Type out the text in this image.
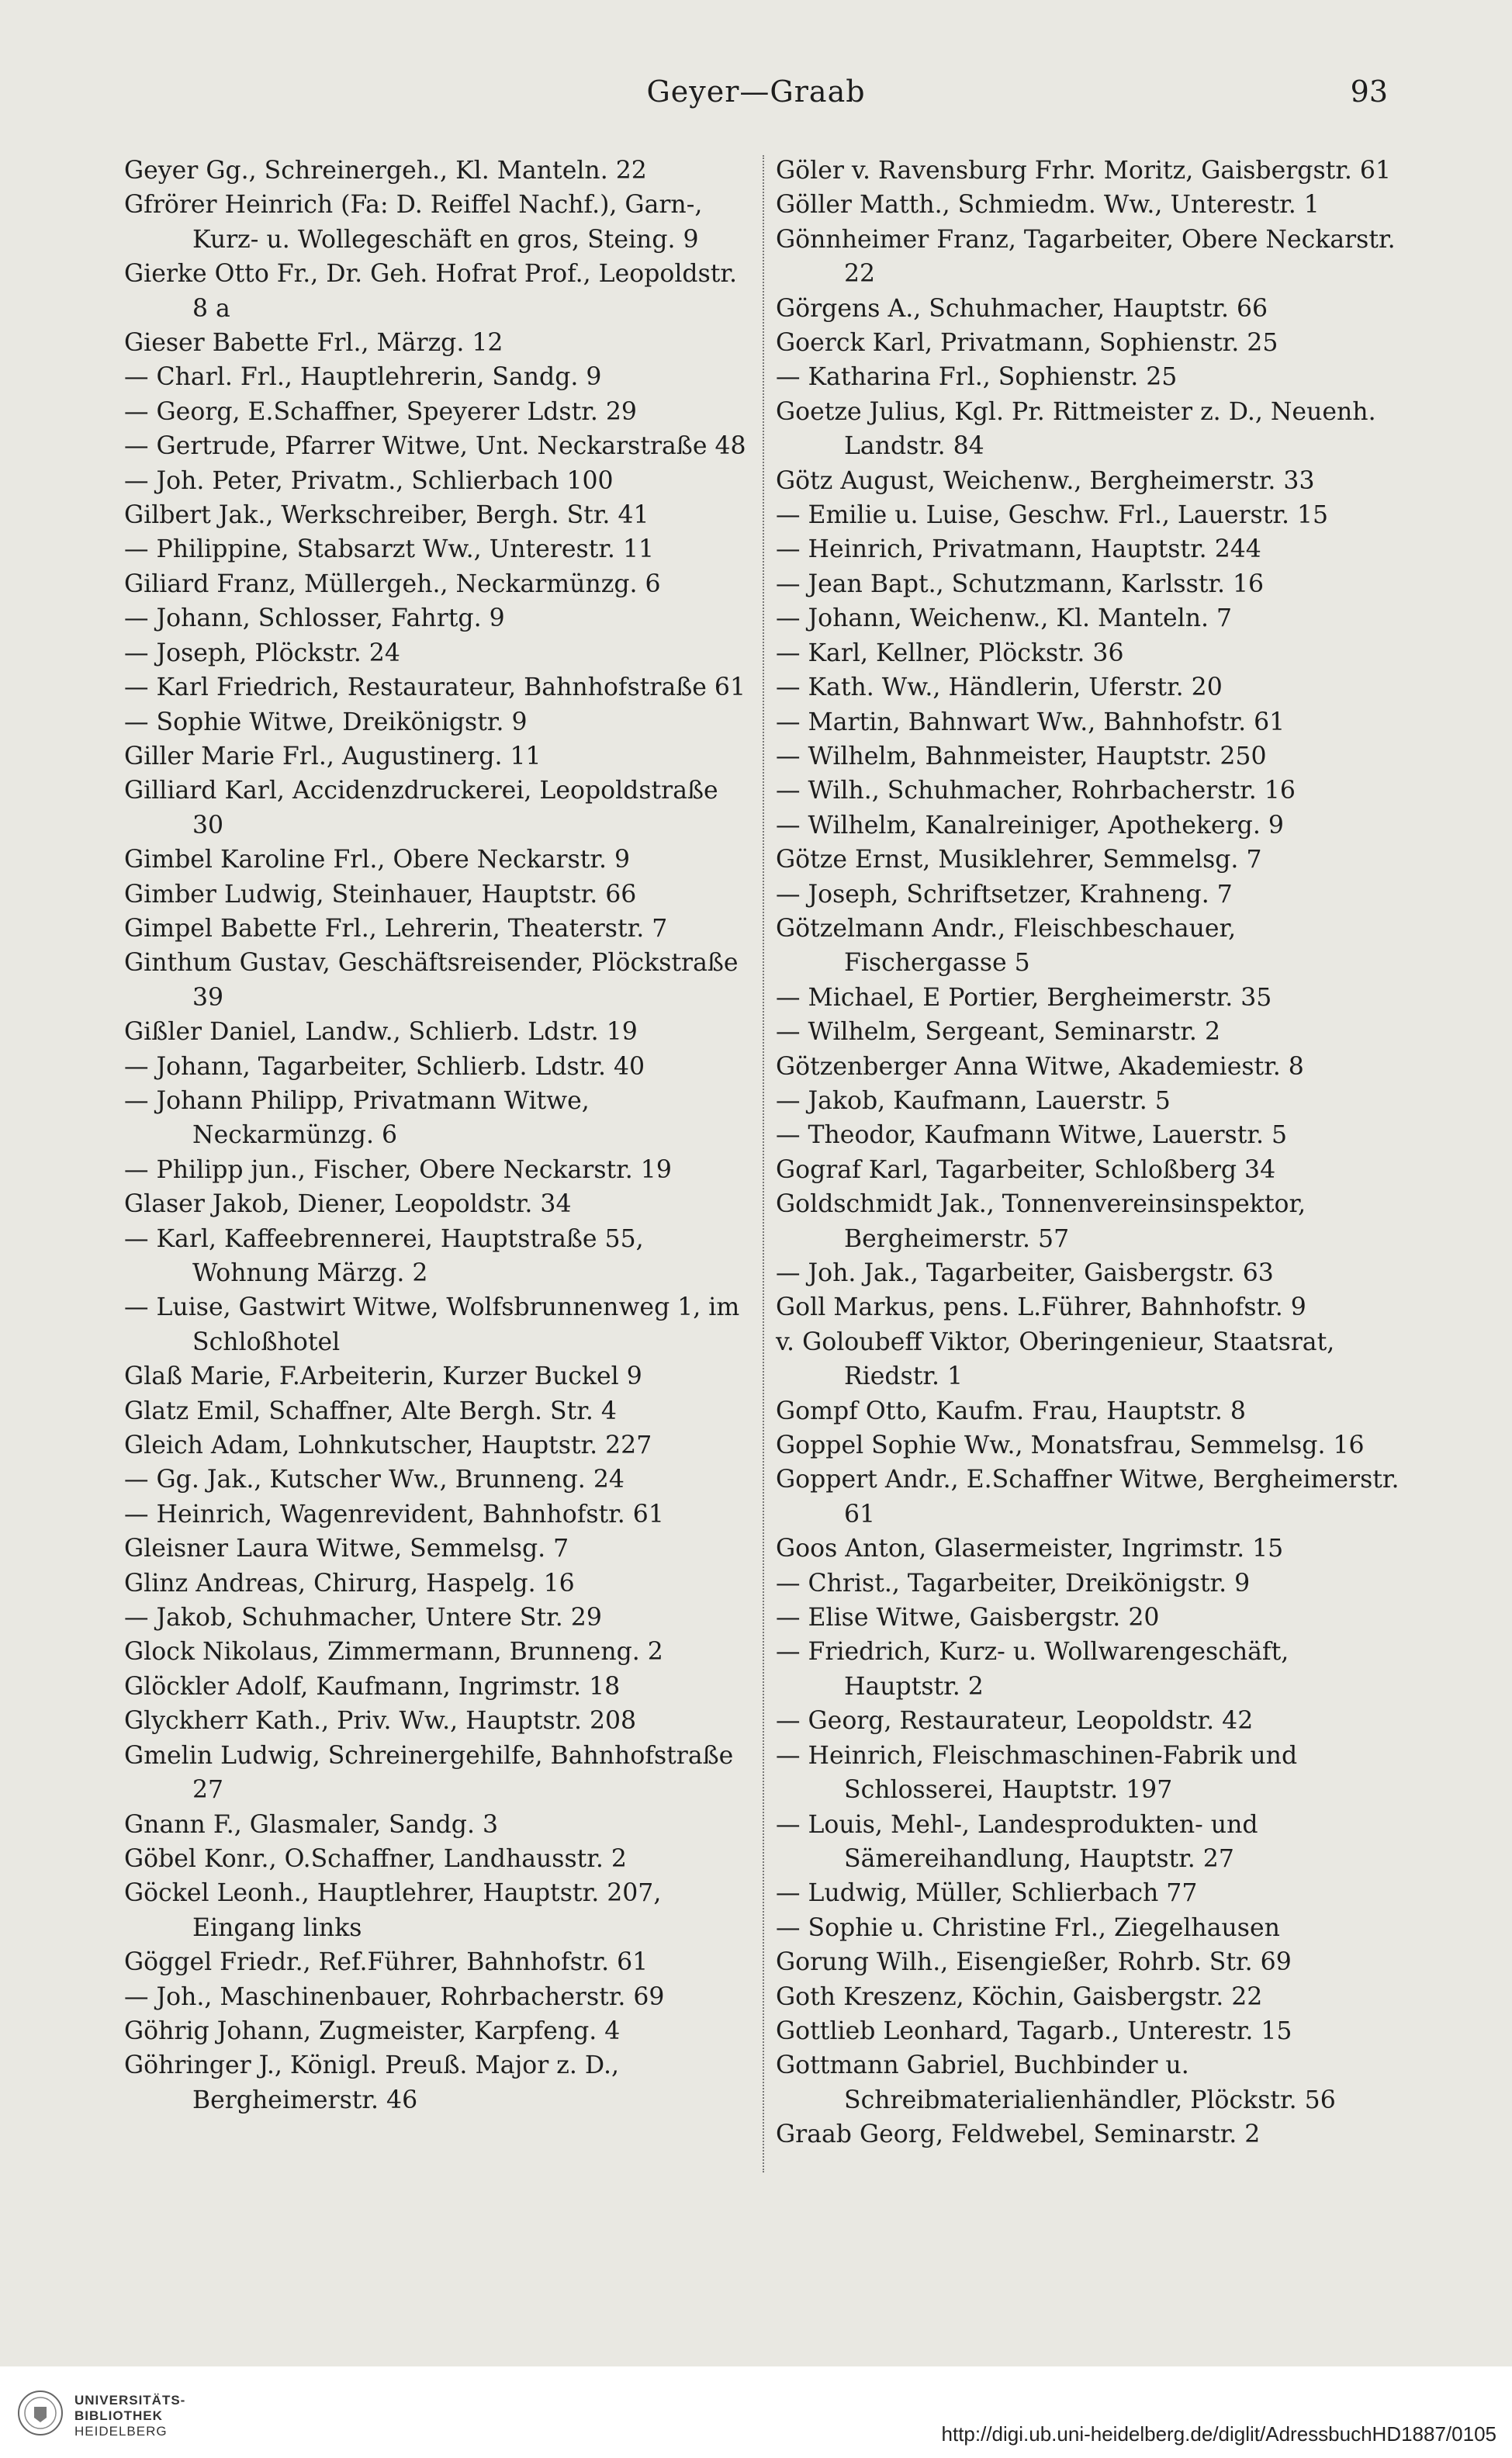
Geyer—Graab	93
Geyer Gg., Schreinergeh., Kl. Manteln. 22
Gfrörer Heinrich (Fa: D. Reiffel Nachf.), Garn-, Kurz- u. Wollegeschäft en gros, Steing. 9
Gierke Otto Fr., Dr. Geh. Hofrat Prof., Leopoldstr. 8 a
Gieser Babette Frl., Märzg. 12
— Charl. Frl., Hauptlehrerin, Sandg. 9
— Georg, E.Schaffner, Speyerer Ldstr. 29
— Gertrude, Pfarrer Witwe, Unt. Neckarstraße 48
— Joh. Peter, Privatm., Schlierbach 100
Gilbert Jak., Werkschreiber, Bergh. Str. 41
— Philippine, Stabsarzt Ww., Unterestr. 11
Giliard Franz, Müllergeh., Neckarmünzg. 6
— Johann, Schlosser, Fahrtg. 9
— Joseph, Plöckstr. 24
— Karl Friedrich, Restaurateur, Bahnhofstraße 61
— Sophie Witwe, Dreikönigstr. 9
Giller Marie Frl., Augustinerg. 11
Gilliard Karl, Accidenzdruckerei, Leopoldstraße 30
Gimbel Karoline Frl., Obere Neckarstr. 9
Gimber Ludwig, Steinhauer, Hauptstr. 66
Gimpel Babette Frl., Lehrerin, Theaterstr. 7
Ginthum Gustav, Geschäftsreisender, Plöckstraße 39
Gißler Daniel, Landw., Schlierb. Ldstr. 19
— Johann, Tagarbeiter, Schlierb. Ldstr. 40
— Johann Philipp, Privatmann Witwe, Neckarmünzg. 6
— Philipp jun., Fischer, Obere Neckarstr. 19
Glaser Jakob, Diener, Leopoldstr. 34
— Karl, Kaffeebrennerei, Hauptstraße 55, Wohnung Märzg. 2
— Luise, Gastwirt Witwe, Wolfsbrunnenweg 1, im Schloßhotel
Glaß Marie, F.Arbeiterin, Kurzer Buckel 9
Glatz Emil, Schaffner, Alte Bergh. Str. 4
Gleich Adam, Lohnkutscher, Hauptstr. 227
— Gg. Jak., Kutscher Ww., Brunneng. 24
— Heinrich, Wagenrevident, Bahnhofstr. 61
Gleisner Laura Witwe, Semmelsg. 7
Glinz Andreas, Chirurg, Haspelg. 16
— Jakob, Schuhmacher, Untere Str. 29
Glock Nikolaus, Zimmermann, Brunneng. 2
Glöckler Adolf, Kaufmann, Ingrimstr. 18
Glyckherr Kath., Priv. Ww., Hauptstr. 208
Gmelin Ludwig, Schreinergehilfe, Bahnhofstraße 27
Gnann F., Glasmaler, Sandg. 3
Göbel Konr., O.Schaffner, Landhausstr. 2
Göckel Leonh., Hauptlehrer, Hauptstr. 207, Eingang links
Göggel Friedr., Ref.Führer, Bahnhofstr. 61
— Joh., Maschinenbauer, Rohrbacherstr. 69
Göhrig Johann, Zugmeister, Karpfeng. 4
Göhringer J., Königl. Preuß. Major z. D., Bergheimerstr. 46
Göler v. Ravensburg Frhr. Moritz, Gaisbergstr. 61
Göller Matth., Schmiedm. Ww., Unterestr. 1
Gönnheimer Franz, Tagarbeiter, Obere Neckarstr. 22
Görgens A., Schuhmacher, Hauptstr. 66
Goerck Karl, Privatmann, Sophienstr. 25
— Katharina Frl., Sophienstr. 25
Goetze Julius, Kgl. Pr. Rittmeister z. D., Neuenh. Landstr. 84
Götz August, Weichenw., Bergheimerstr. 33
— Emilie u. Luise, Geschw. Frl., Lauerstr. 15
— Heinrich, Privatmann, Hauptstr. 244
— Jean Bapt., Schutzmann, Karlsstr. 16
— Johann, Weichenw., Kl. Manteln. 7
— Karl, Kellner, Plöckstr. 36
— Kath. Ww., Händlerin, Uferstr. 20
— Martin, Bahnwart Ww., Bahnhofstr. 61
— Wilhelm, Bahnmeister, Hauptstr. 250
— Wilh., Schuhmacher, Rohrbacherstr. 16
— Wilhelm, Kanalreiniger, Apothekerg. 9
Götze Ernst, Musiklehrer, Semmelsg. 7
— Joseph, Schriftsetzer, Krahneng. 7
Götzelmann Andr., Fleischbeschauer, Fischergasse 5
— Michael, E Portier, Bergheimerstr. 35
— Wilhelm, Sergeant, Seminarstr. 2
Götzenberger Anna Witwe, Akademiestr. 8
— Jakob, Kaufmann, Lauerstr. 5
— Theodor, Kaufmann Witwe, Lauerstr. 5
Gograf Karl, Tagarbeiter, Schloßberg 34
Goldschmidt Jak., Tonnenvereinsinspektor, Bergheimerstr. 57
— Joh. Jak., Tagarbeiter, Gaisbergstr. 63
Goll Markus, pens. L.Führer, Bahnhofstr. 9
v. Goloubeff Viktor, Oberingenieur, Staatsrat, Riedstr. 1
Gompf Otto, Kaufm. Frau, Hauptstr. 8
Goppel Sophie Ww., Monatsfrau, Semmelsg. 16
Goppert Andr., E.Schaffner Witwe, Bergheimerstr. 61
Goos Anton, Glasermeister, Ingrimstr. 15
— Christ., Tagarbeiter, Dreikönigstr. 9
— Elise Witwe, Gaisbergstr. 20
— Friedrich, Kurz- u. Wollwarengeschäft, Hauptstr. 2
— Georg, Restaurateur, Leopoldstr. 42
— Heinrich, Fleischmaschinen-Fabrik und Schlosserei, Hauptstr. 197
— Louis, Mehl-, Landesprodukten- und Sämereihandlung, Hauptstr. 27
— Ludwig, Müller, Schlierbach 77
— Sophie u. Christine Frl., Ziegelhausen
Gorung Wilh., Eisengießer, Rohrb. Str. 69
Goth Kreszenz, Köchin, Gaisbergstr. 22
Gottlieb Leonhard, Tagarb., Unterestr. 15
Gottmann Gabriel, Buchbinder u. Schreibmaterialienhändler, Plöckstr. 56
Graab Georg, Feldwebel, Seminarstr. 2
UNIVERSITÄTS-
BIBLIOTHEK
HEIDELBERG	http://digi.ub.uni-heidelberg.de/diglit/AdressbuchHD1887/0105
